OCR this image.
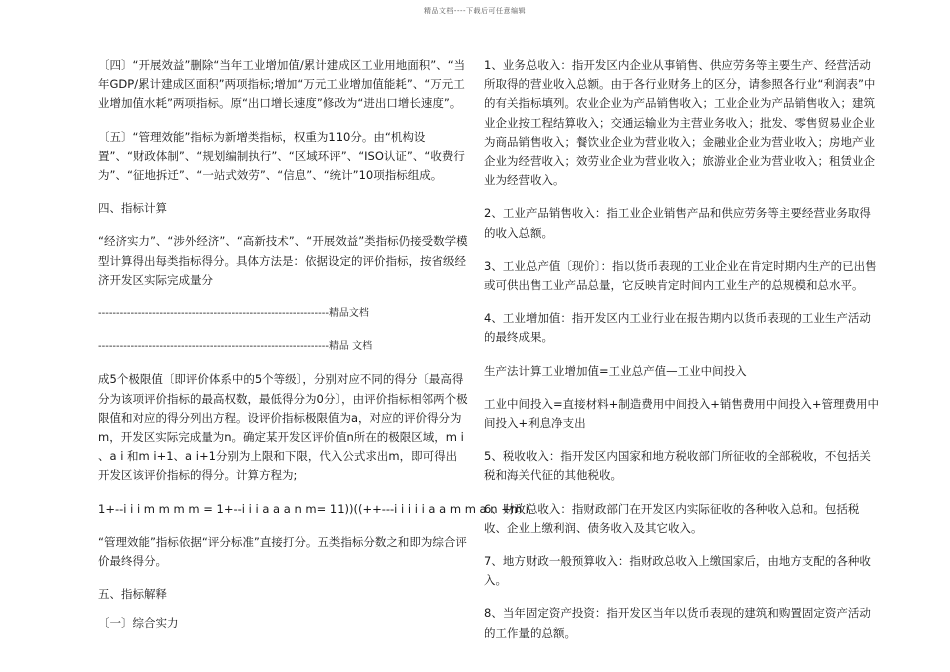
精品文档----下载后可任意编辑

〔四〕“开展效益”删除“当年工业增加值/累计建成区工业用地面积”、“当年GDP/累计建成区面积”两项指标;增加“万元工业增加值能耗”、“万元工业增加值水耗”两项指标。原“出口增长速度”修改为“进出口增长速度”。

〔五〕“管理效能”指标为新增类指标，权重为110分。由“机构设置”、“财政体制”、“规划编制执行”、“区域环评”、“ISO认证”、“收费行为”、“征地拆迁”、“一站式效劳”、“信息”、“统计”10项指标组成。

四、指标计算

“经济实力”、“涉外经济”、“高新技术”、“开展效益”类指标仍接受数学模型计算得出每类指标得分。具体方法是：依据设定的评价指标，按省级经济开发区实际完成量分

----------------------------------------------------------------精品文档

----------------------------------------------------------------精品 文档

成5个极限值〔即评价体系中的5个等级〕，分别对应不同的得分〔最高得分为该项评价指标的最高权数，最低得分为0分〕，由评价指标相邻两个极限值和对应的得分列出方程。设评价指标极限值为a，对应的评价得分为m，开发区实际完成量为n。确定某开发区评价值n所在的极限区域，m i 、a i 和m i+1、a i+1分别为上限和下限，代入公式求出m，即可得出开发区该评价指标的得分。计算方程为;

1+--i i i m m m m = 1+--i i i a a a n m= 11))((++---i i i i i a a m m a n +m i

“管理效能”指标依据“评分标准”直接打分。五类指标分数之和即为综合评价最终得分。

五、指标解释

〔一〕综合实力

1、业务总收入：指开发区内企业从事销售、供应劳务等主要生产、经营活动所取得的营业收入总额。由于各行业财务上的区分，请参照各行业“利润表”中的有关指标填列。农业企业为产品销售收入；工业企业为产品销售收入；建筑业企业按工程结算收入；交通运输业为主营业务收入；批发、零售贸易业企业为商品销售收入；餐饮业企业为营业收入；金融业企业为营业收入；房地产业企业为经营收入；效劳业企业为营业收入；旅游业企业为营业收入；租赁业企业为经营收入。

2、工业产品销售收入：指工业企业销售产品和供应劳务等主要经营业务取得的收入总额。

3、工业总产值〔现价〕：指以货币表现的工业企业在肯定时期内生产的已出售或可供出售工业产品总量，它反映肯定时间内工业生产的总规模和总水平。

4、工业增加值：指开发区内工业行业在报告期内以货币表现的工业生产活动的最终成果。

生产法计算工业增加值=工业总产值—工业中间投入

工业中间投入=直接材料+制造费用中间投入+销售费用中间投入+管理费用中间投入+利息净支出

5、税收收入：指开发区内国家和地方税收部门所征收的全部税收，不包括关税和海关代征的其他税收。

6、财政总收入：指财政部门在开发区内实际征收的各种收入总和。包括税收、企业上缴利润、债务收入及其它收入。

7、地方财政一般预算收入：指财政总收入上缴国家后，由地方支配的各种收入。

8、当年固定资产投资：指开发区当年以货币表现的建筑和购置固定资产活动的工作量的总额。
